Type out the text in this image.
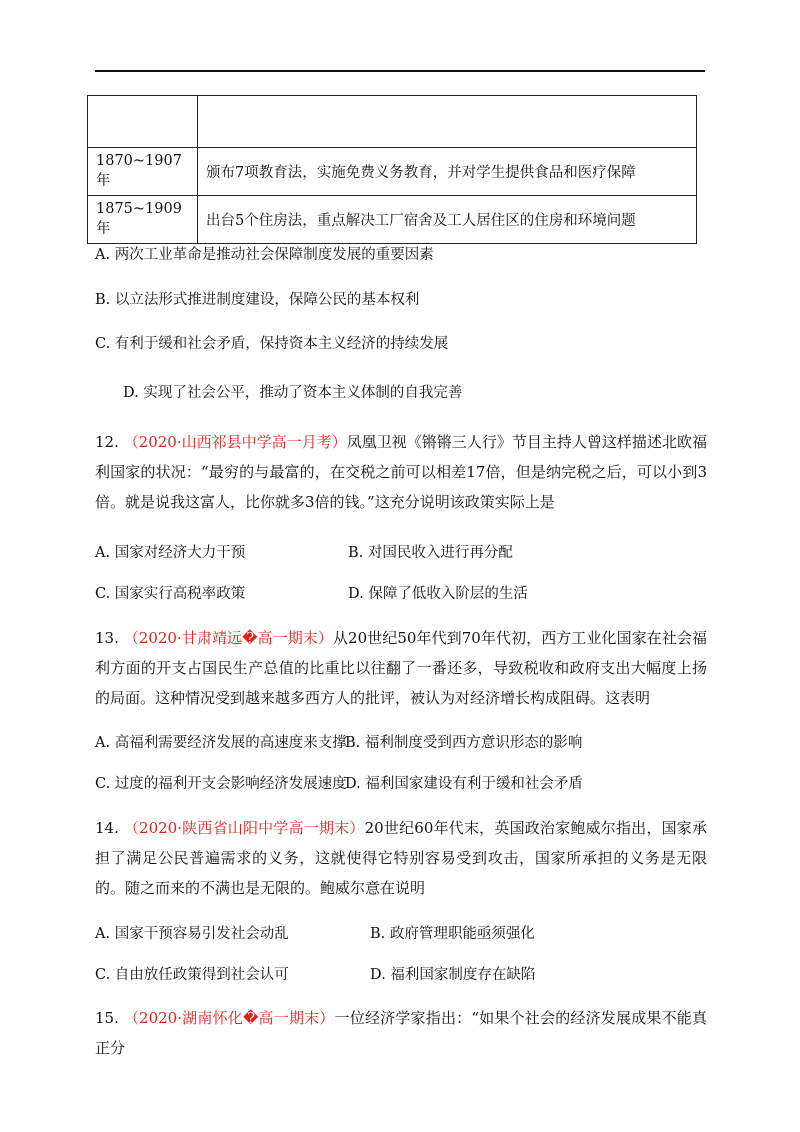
1870~1907年	颁布7项教育法，实施免费义务教育，并对学生提供食品和医疗保障
1875~1909年	出台5个住房法，重点解决工厂宿舍及工人居住区的住房和环境问题
A. 两次工业革命是推动社会保障制度发展的重要因素
B. 以立法形式推进制度建设，保障公民的基本权利
C. 有利于缓和社会矛盾，保持资本主义经济的持续发展
D. 实现了社会公平，推动了资本主义体制的自我完善
12. （2020·山西祁县中学高一月考）凤凰卫视《锵锵三人行》节目主持人曾这样描述北欧福利国家的状况：“最穷的与最富的，在交税之前可以相差17倍，但是纳完税之后，可以小到3倍。就是说我这富人，比你就多3倍的钱。”这充分说明该政策实际上是
A. 国家对经济大力干预	B. 对国民收入进行再分配
C. 国家实行高税率政策	D. 保障了低收入阶层的生活
13. （2020·甘肃靖远�高一期末）从20世纪50年代到70年代初，西方工业化国家在社会福利方面的开支占国民生产总值的比重比以往翻了一番还多，导致税收和政府支出大幅度上扬的局面。这种情况受到越来越多西方人的批评，被认为对经济增长构成阻碍。这表明
A. 高福利需要经济发展的高速度来支撑
B. 福利制度受到西方意识形态的影响
C. 过度的福利开支会影响经济发展速度
D. 福利国家建设有利于缓和社会矛盾
14. （2020·陕西省山阳中学高一期末）20世纪60年代末，英国政治家鲍威尔指出，国家承担了满足公民普遍需求的义务，这就使得它特别容易受到攻击，国家所承担的义务是无限的。随之而来的不满也是无限的。鲍威尔意在说明
A. 国家干预容易引发社会动乱	B. 政府管理职能亟须强化
C. 自由放任政策得到社会认可	D. 福利国家制度存在缺陷
15. （2020·湖南怀化�高一期末）一位经济学家指出：“如果个社会的经济发展成果不能真正分
